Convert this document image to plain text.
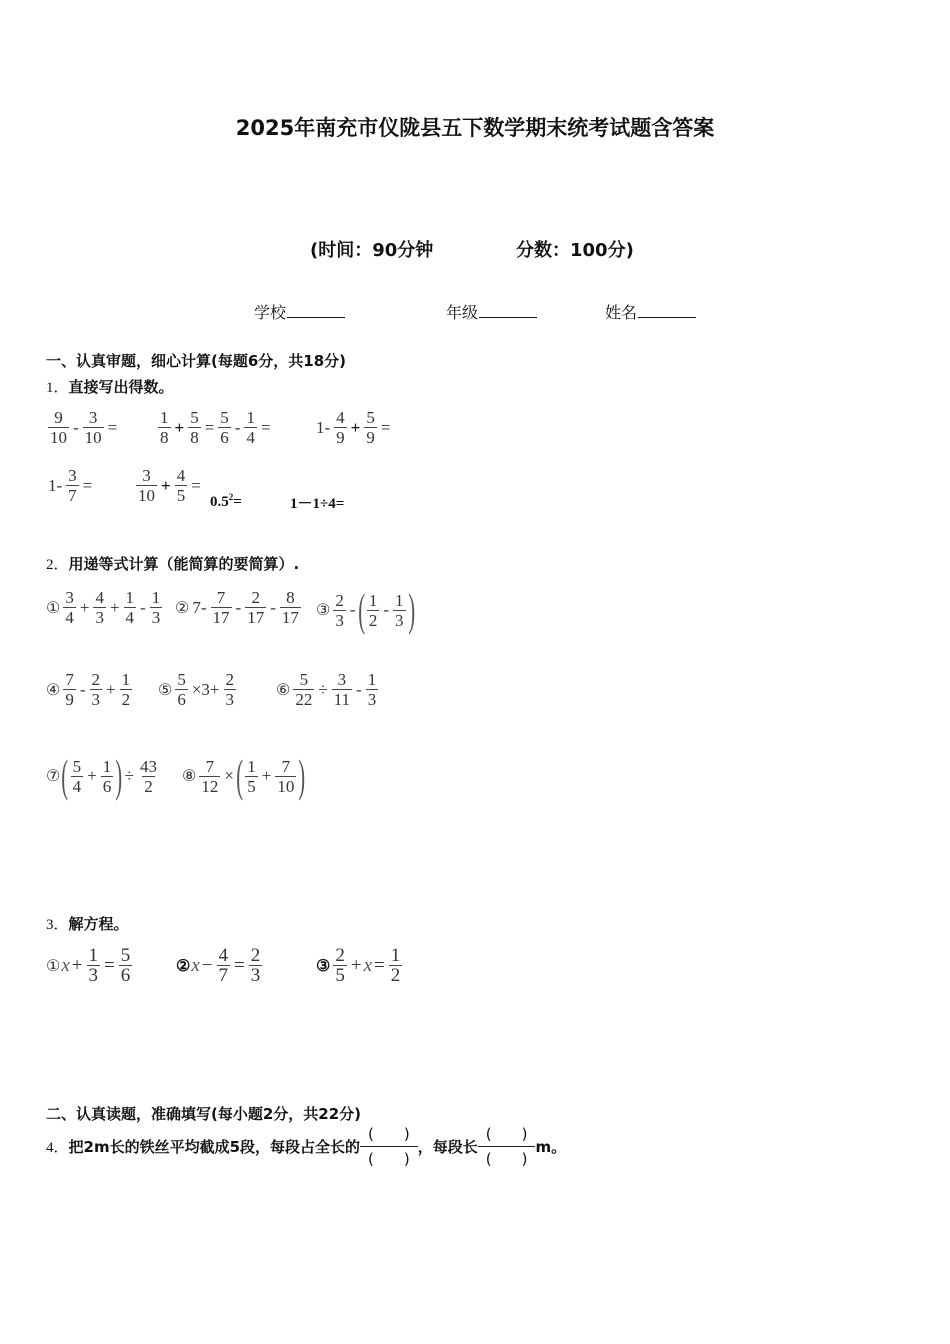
2025年南充市仪陇县五下数学期末统考试题含答案
(时间：90分钟	分数：100分)
学校	年级	姓名
一、认真审题，细心计算(每题6分，共18分)
1．直接写出得数。
$\frac{9}{10} - \frac{3}{10} = \frac{1}{8} + \frac{5}{8} = \frac{5}{6} - \frac{1}{4}$ =	$1- \frac{4}{9} + \frac{5}{9}$ =
$1- \frac{3}{7}$ =	$\frac{3}{10} + \frac{4}{5}$ =
$0.5^2=$	1－1÷4=
2．用递等式计算（能简算的要简算）.
① $\frac{3}{4} + \frac{4}{3} + \frac{1}{4} - \frac{1}{3}$ ② $7- \frac{7}{17} - \frac{2}{17} - \frac{8}{17}$ ③ $\frac{2}{3}$ - ( $\frac{1}{2} - \frac{1}{3}$ )
④ $\frac{7}{9} - \frac{2}{3} + \frac{1}{2}$ ⑤ $\frac{5}{6} \times 3+ \frac{2}{3}$ ⑥ $\frac{5}{22} \div \frac{3}{11} - \frac{1}{3}$
⑦ ( $\frac{5}{4} + \frac{1}{6}$ ) ÷ $\frac{43}{2}$ ⑧ $\frac{7}{12}$ × ( $\frac{1}{5} + \frac{7}{10}$ )
3．解方程。
① $x + \frac{1}{3} = \frac{5}{6}$	② $x - \frac{4}{7} = \frac{2}{3}$	③ $\frac{2}{5} + x = \frac{1}{2}$
二、认真读题，准确填写(每小题2分，共22分)
4． 把2m长的铁丝平均截成5段，每段占全长的 $\frac{( )}{( )}$ ，每段长 $\frac{( )}{( )}$ m。
